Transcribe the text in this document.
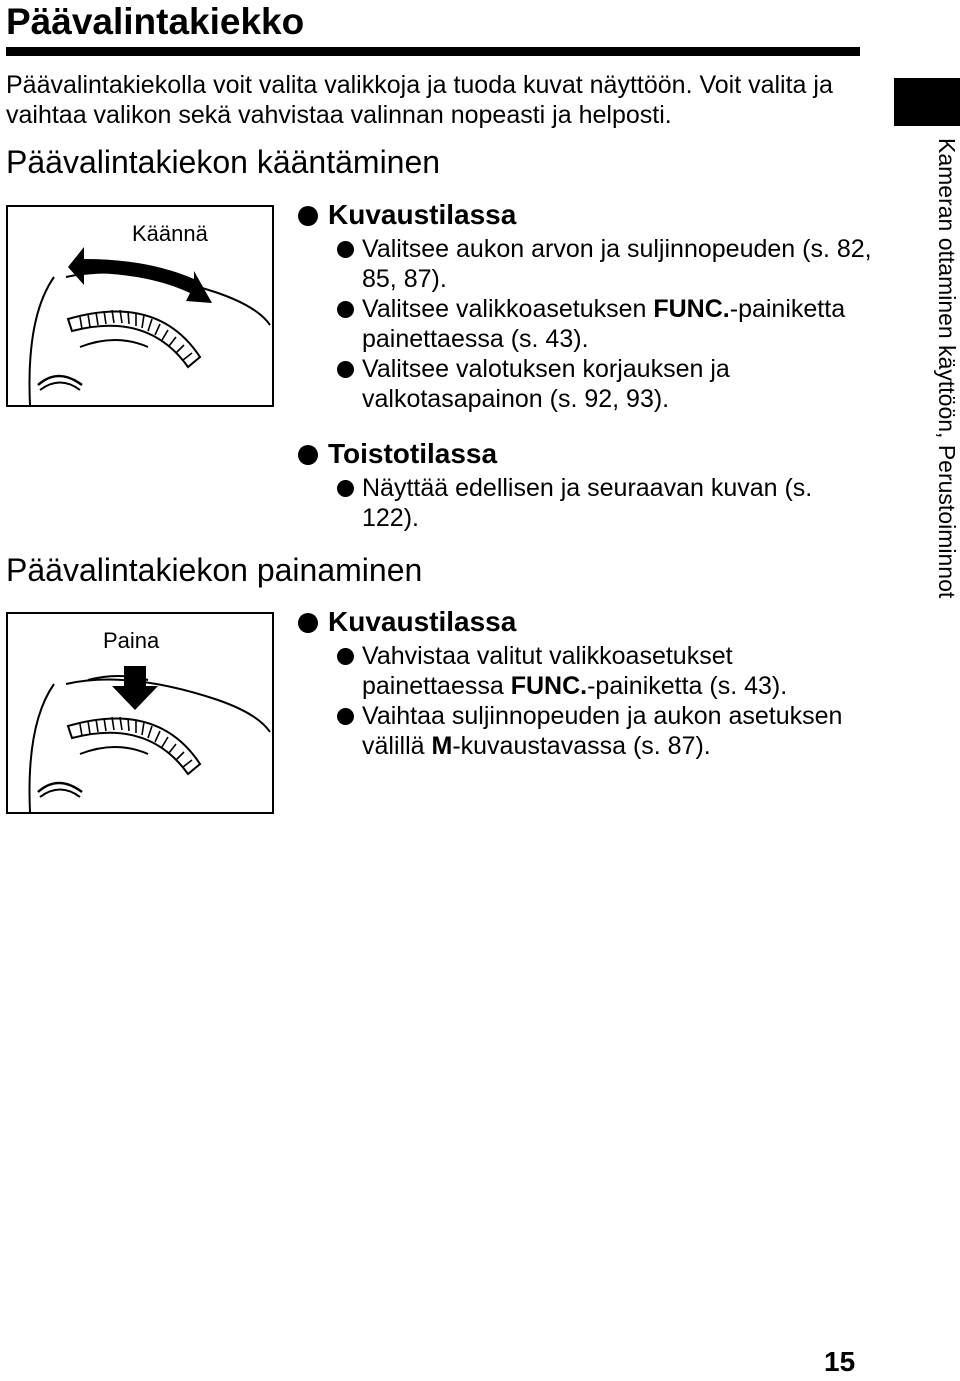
Päävalintakiekko

Päävalintakiekolla voit valita valikkoja ja tuoda kuvat näyttöön. Voit valita ja vaihtaa valikon sekä vahvistaa valinnan nopeasti ja helposti.

Päävalintakiekon kääntäminen
Käännä
Kuvaustilassa
Valitsee aukon arvon ja suljinnopeuden (s. 82, 85, 87).
Valitsee valikkoasetuksen FUNC.-painiketta painettaessa (s. 43).
Valitsee valotuksen korjauksen ja valkotasapainon (s. 92, 93).
Toistotilassa
Näyttää edellisen ja seuraavan kuvan (s. 122).
Päävalintakiekon painaminen
Paina
Kuvaustilassa
Vahvistaa valitut valikkoasetukset painettaessa FUNC.-painiketta (s. 43).
Vaihtaa suljinnopeuden ja aukon asetuksen välillä M-kuvaustavassa (s. 87).
Kameran ottaminen käyttöön, Perustoiminnot
15
